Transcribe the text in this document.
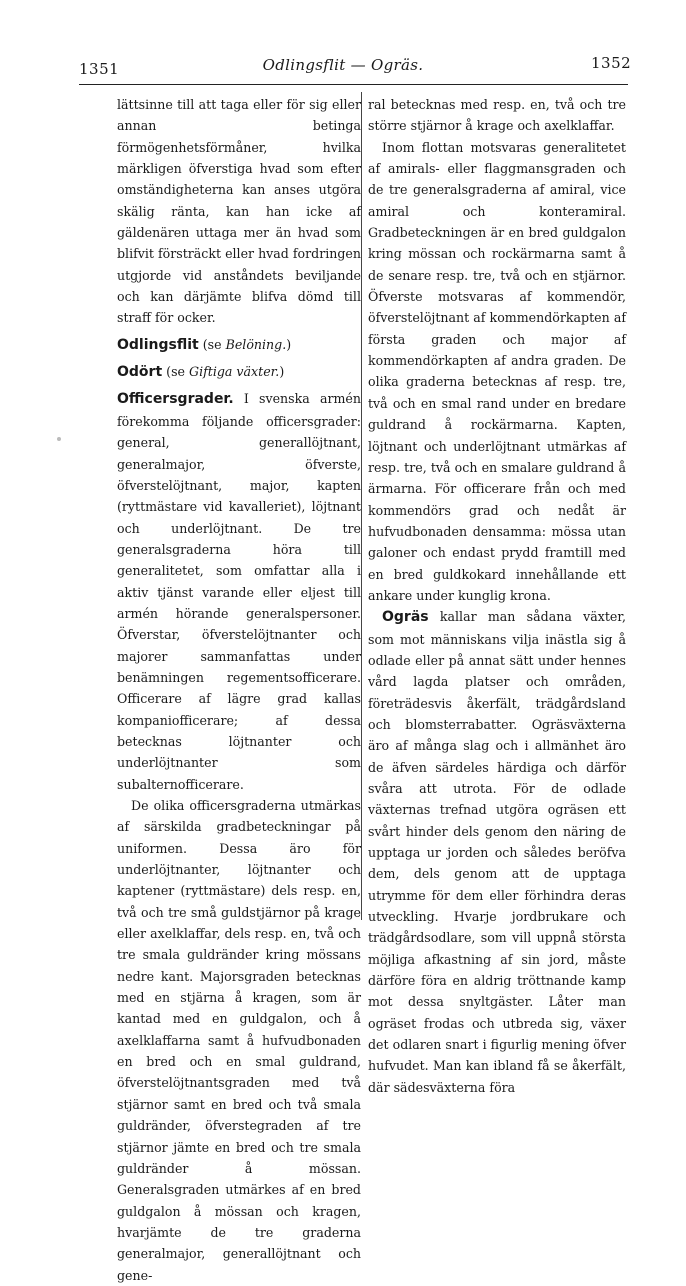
1351	Odlingsflit — Ogräs.	1352

lättsinne till att taga eller för sig eller annan betinga förmögenhetsförmåner, hvilka märkligen öfverstiga hvad som efter omständigheterna kan anses utgöra skälig ränta, kan han icke af gäldenären uttaga mer än hvad som blifvit försträckt eller hvad fordringen utgjorde vid anståndets beviljande och kan därjämte blifva dömd till straff för ocker.

Odlingsflit (se Belöning.)

Odört (se Giftiga växter.)

Officersgrader. I svenska armén förekomma följande officersgrader: general, generallöjtnant, generalmajor, öfverste, öfverstelöjtnant, major, kapten (ryttmästare vid kavalleriet), löjtnant och underlöjtnant. De tre generalsgraderna höra till generalitetet, som omfattar alla i aktiv tjänst varande eller eljest till armén hörande generalspersoner. Öfverstar, öfverstelöjtnanter och majorer sammanfattas under benämningen regementsofficerare. Officerare af lägre grad kallas kompaniofficerare; af dessa betecknas löjtnanter och underlöjtnanter som subalternofficerare.

De olika officersgraderna utmärkas af särskilda gradbeteckningar på uniformen. Dessa äro för underlöjtnanter, löjtnanter och kaptener (ryttmästare) dels resp. en, två och tre små guldstjärnor på krage eller axelklaffar, dels resp. en, två och tre smala guldränder kring mössans nedre kant. Majorsgraden betecknas med en stjärna å kragen, som är kantad med en guldgalon, och å axelklaffarna samt å hufvudbonaden en bred och en smal guldrand, öfverstelöjtnantsgraden med två stjärnor samt en bred och två smala guldränder, öfverstegraden af tre stjärnor jämte en bred och tre smala guldränder å mössan. Generalsgraden utmärkes af en bred guldgalon å mössan och kragen, hvarjämte de tre graderna generalmajor, generallöjtnant och gene-

ral betecknas med resp. en, två och tre större stjärnor å krage och axelklaffar.

Inom flottan motsvaras generalitetet af amirals- eller flaggmansgraden och de tre generalsgraderna af amiral, vice amiral och konteramiral. Gradbeteckningen är en bred guldgalon kring mössan och rockärmarna samt å de senare resp. tre, två och en stjärnor. Öfverste motsvaras af kommendör, öfverstelöjtnant af kommendörkapten af första graden och major af kommendörkapten af andra graden. De olika graderna betecknas af resp. tre, två och en smal rand under en bredare guldrand å rockärmarna. Kapten, löjtnant och underlöjtnant utmärkas af resp. tre, två och en smalare guldrand å ärmarna. För officerare från och med kommendörs grad och nedåt är hufvudbonaden densamma: mössa utan galoner och endast prydd framtill med en bred guldkokard innehållande ett ankare under kunglig krona.

Ogräs kallar man sådana växter, som mot människans vilja inästla sig å odlade eller på annat sätt under hennes vård lagda platser och områden, företrädesvis åkerfält, trädgårdsland och blomsterrabatter. Ogräsväxterna äro af många slag och i allmänhet äro de äfven särdeles härdiga och därför svåra att utrota. För de odlade växternas trefnad utgöra ogräsen ett svårt hinder dels genom den näring de upptaga ur jorden och således beröfva dem, dels genom att de upptaga utrymme för dem eller förhindra deras utveckling. Hvarje jordbrukare och trädgårdsodlare, som vill uppnå största möjliga afkastning af sin jord, måste därföre föra en aldrig tröttnande kamp mot dessa snyltgäster. Låter man ogräset frodas och utbreda sig, växer det odlaren snart i figurlig mening öfver hufvudet. Man kan ibland få se åkerfält, där sädesväxterna föra
